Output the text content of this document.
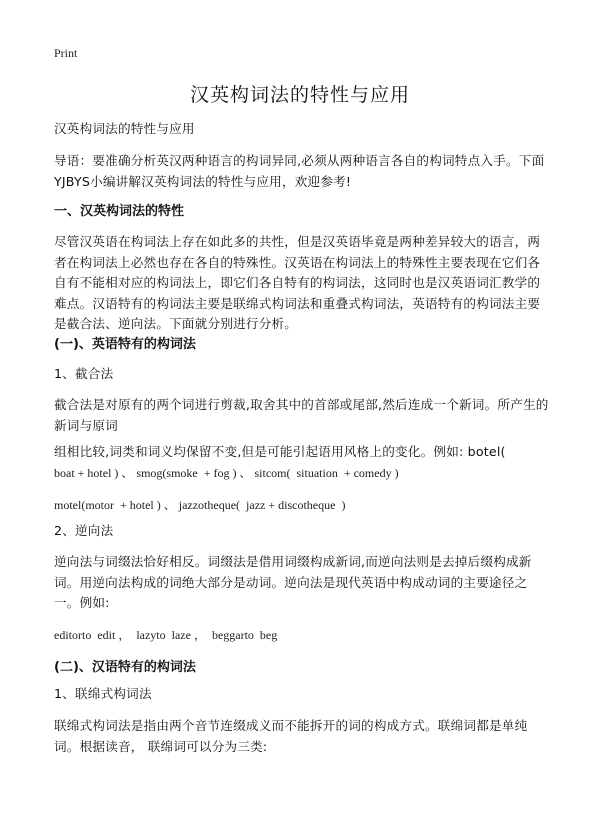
Print
汉英构词法的特性与应用
汉英构词法的特性与应用
导语：要准确分析英汉两种语言的构词异同,必须从两种语言各自的构词特点入手。下面YJBYS小编讲解汉英构词法的特性与应用，欢迎参考!
一、汉英构词法的特性
尽管汉英语在构词法上存在如此多的共性，但是汉英语毕竟是两种差异较大的语言，两者在构词法上必然也存在各自的特殊性。汉英语在构词法上的特殊性主要表现在它们各自有不能相对应的构词法上，即它们各自特有的构词法，这同时也是汉英语词汇教学的难点。汉语特有的构词法主要是联绵式构词法和重叠式构词法，英语特有的构词法主要是截合法、逆向法。下面就分别进行分析。
(一)、英语特有的构词法
1、截合法
截合法是对原有的两个词进行剪裁,取舍其中的首部或尾部,然后连成一个新词。所产生的新词与原词
组相比较,词类和词义均保留不变,但是可能引起语用风格上的变化。例如: botel(
boat + hotel ) 、 smog(smoke  + fog ) 、 sitcom(  situation  + comedy )
motel(motor  + hotel ) 、 jazzotheque(  jazz + discotheque  )
2、逆向法
逆向法与词缀法恰好相反。词缀法是借用词缀构成新词,而逆向法则是去掉后缀构成新词。用逆向法构成的词绝大部分是动词。逆向法是现代英语中构成动词的主要途径之一。例如:
editorto  edit ，  lazyto  laze ，  beggarto  beg
(二)、汉语特有的构词法
1、联绵式构词法
联绵式构词法是指由两个音节连缀成义而不能拆开的词的构成方式。联绵词都是单纯词。根据读音， 联绵词可以分为三类:
